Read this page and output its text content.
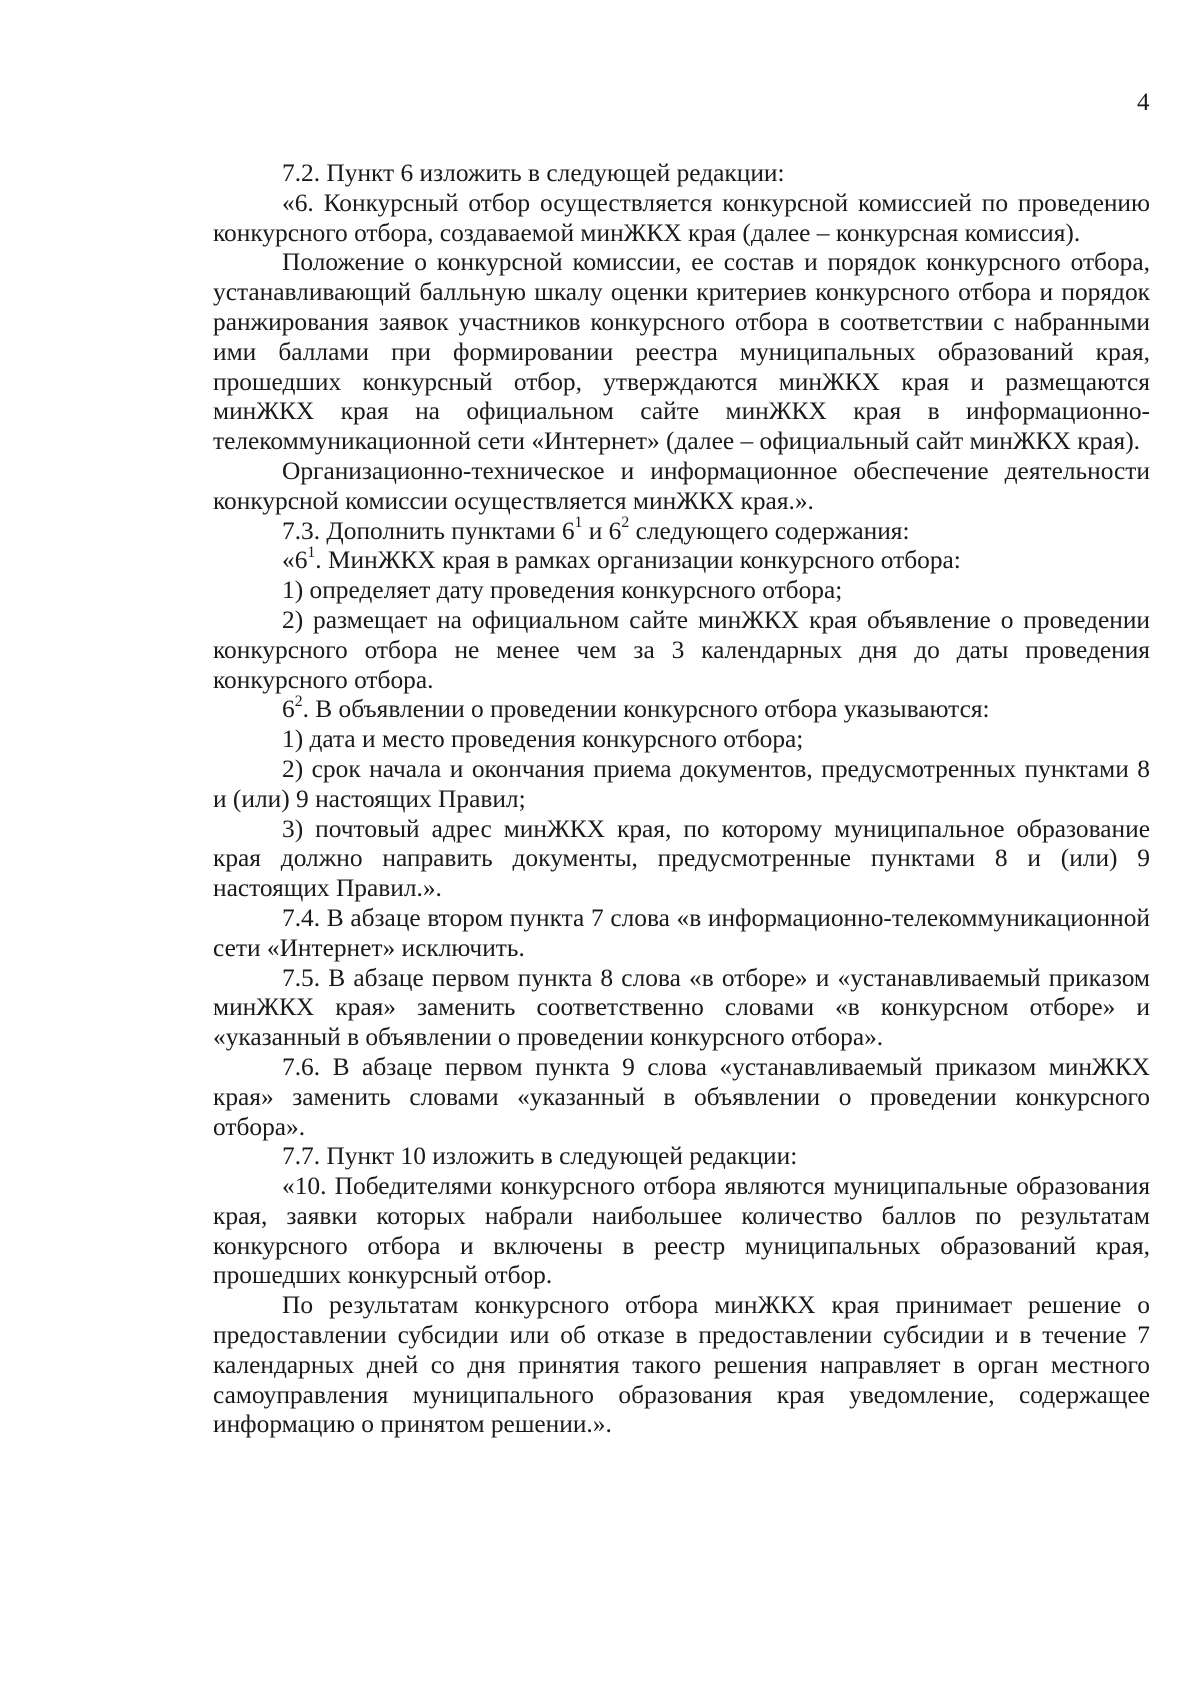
4

7.2. Пункт 6 изложить в следующей редакции:

«6. Конкурсный отбор осуществляется конкурсной комиссией по проведению конкурсного отбора, создаваемой минЖКХ края (далее – конкурсная комиссия).

Положение о конкурсной комиссии, ее состав и порядок конкурсного отбора, устанавливающий балльную шкалу оценки критериев конкурсного отбора и порядок ранжирования заявок участников конкурсного отбора в соответствии с набранными ими баллами при формировании реестра муниципальных образований края, прошедших конкурсный отбор, утверждаются минЖКХ края и размещаются минЖКХ края на официальном сайте минЖКХ края в информационно-телекоммуникационной сети «Интернет» (далее – официальный сайт минЖКХ края).

Организационно-техническое и информационное обеспечение деятельности конкурсной комиссии осуществляется минЖКХ края.».

7.3. Дополнить пунктами $6^1$ и $6^2$ следующего содержания:

«$6^1$. МинЖКХ края в рамках организации конкурсного отбора:

1) определяет дату проведения конкурсного отбора;

2) размещает на официальном сайте минЖКХ края объявление о проведении конкурсного отбора не менее чем за 3 календарных дня до даты проведения конкурсного отбора.

$6^2$. В объявлении о проведении конкурсного отбора указываются:

1) дата и место проведения конкурсного отбора;

2) срок начала и окончания приема документов, предусмотренных пунктами 8 и (или) 9 настоящих Правил;

3) почтовый адрес минЖКХ края, по которому муниципальное образование края должно направить документы, предусмотренные пунктами 8 и (или) 9 настоящих Правил.».

7.4. В абзаце втором пункта 7 слова «в информационно-телекоммуникационной сети «Интернет» исключить.

7.5. В абзаце первом пункта 8 слова «в отборе» и «устанавливаемый приказом минЖКХ края» заменить соответственно словами «в конкурсном отборе» и «указанный в объявлении о проведении конкурсного отбора».

7.6. В абзаце первом пункта 9 слова «устанавливаемый приказом минЖКХ края» заменить словами «указанный в объявлении о проведении конкурсного отбора».

7.7. Пункт 10 изложить в следующей редакции:

«10. Победителями конкурсного отбора являются муниципальные образования края, заявки которых набрали наибольшее количество баллов по результатам конкурсного отбора и включены в реестр муниципальных образований края, прошедших конкурсный отбор.

По результатам конкурсного отбора минЖКХ края принимает решение о предоставлении субсидии или об отказе в предоставлении субсидии и в течение 7 календарных дней со дня принятия такого решения направляет в орган местного самоуправления муниципального образования края уведомление, содержащее информацию о принятом решении.».
